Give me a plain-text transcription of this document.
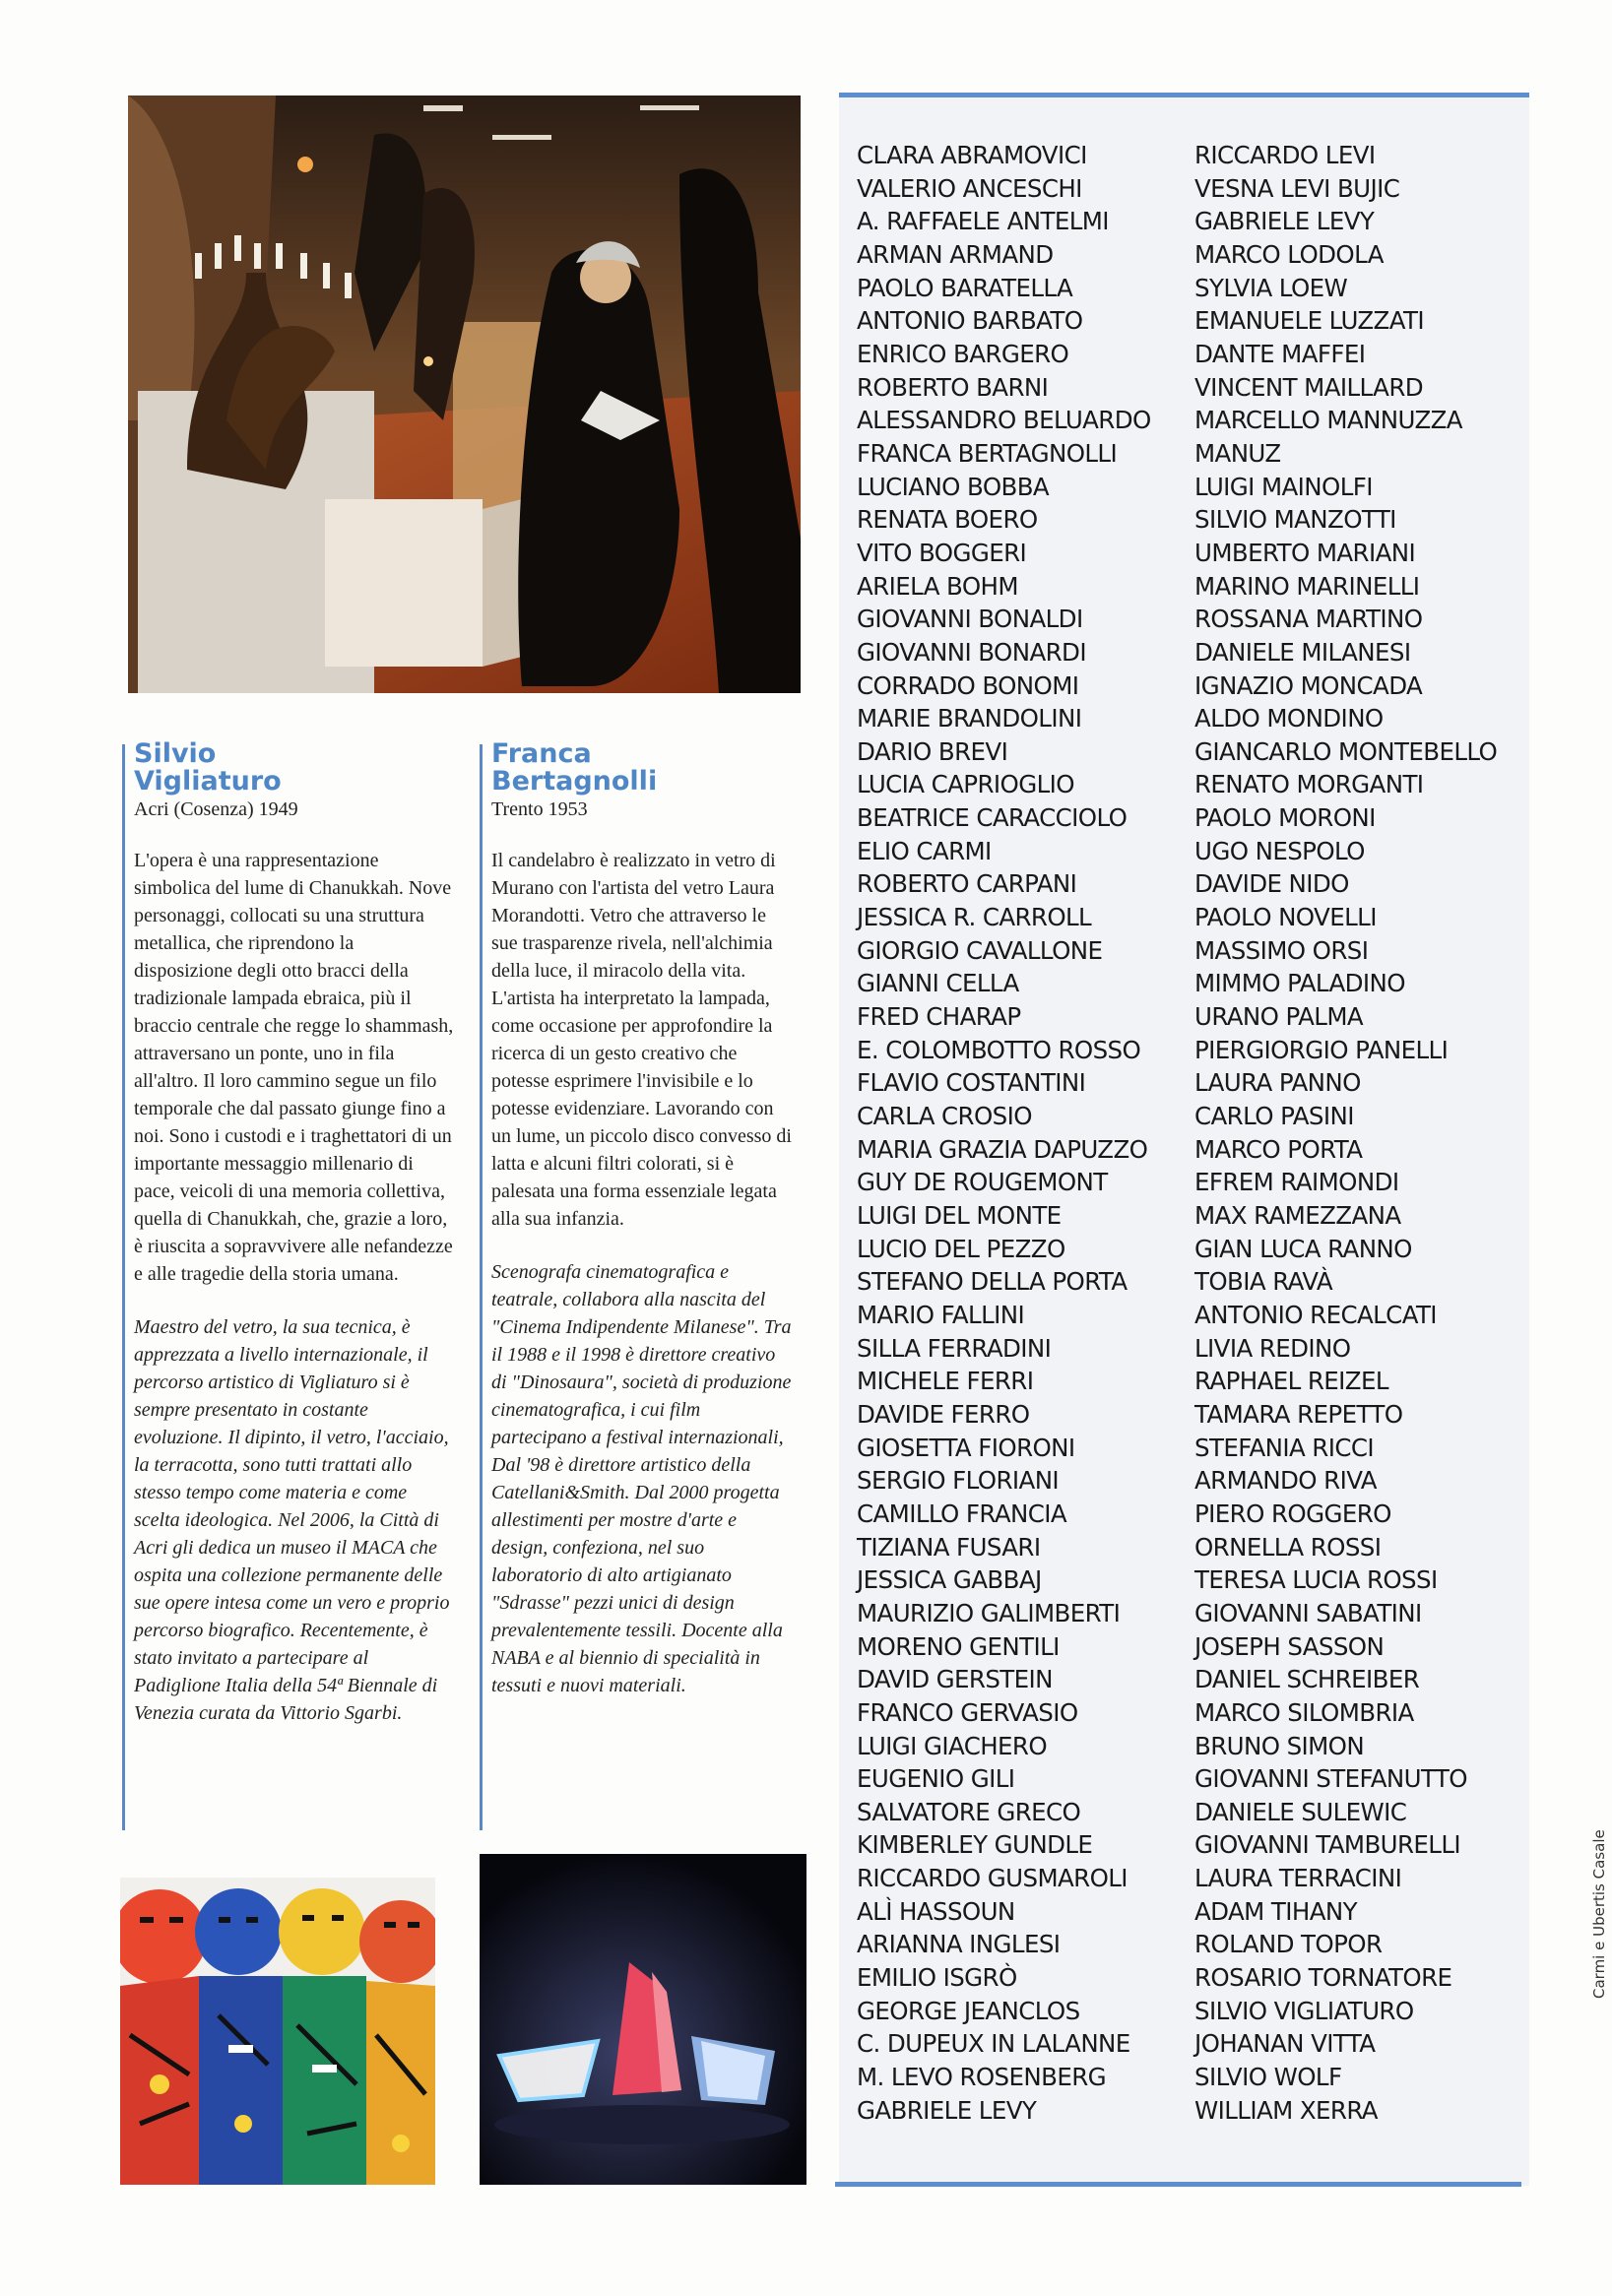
Silvio
Vigliaturo
Acri (Cosenza) 1949
L'opera è una rappresentazione simbolica del lume di Chanukkah. Nove personaggi, collocati su una struttura metallica, che riprendono la disposizione degli otto bracci della tradizionale lampada ebraica, più il braccio centrale che regge lo shammash, attraversano un ponte, uno in fila all'altro. Il loro cammino segue un filo temporale che dal passato giunge fino a noi. Sono i custodi e i traghettatori di un importante messaggio millenario di pace, veicoli di una memoria collettiva, quella di Chanukkah, che, grazie a loro, è riuscita a sopravvivere alle nefandezze e alle tragedie della storia umana.
Maestro del vetro, la sua tecnica, è apprezzata a livello internazionale, il percorso artistico di Vigliaturo si è sempre presentato in costante evoluzione. Il dipinto, il vetro, l'acciaio, la terracotta, sono tutti trattati allo stesso tempo come materia e come scelta ideologica. Nel 2006, la Città di Acri gli dedica un museo il MACA che ospita una collezione permanente delle sue opere intesa come un vero e proprio percorso biografico. Recentemente, è stato invitato a partecipare al Padiglione Italia della 54ª Biennale di Venezia curata da Vittorio Sgarbi.
Franca
Bertagnolli
Trento 1953
Il candelabro è realizzato in vetro di Murano con l'artista del vetro Laura Morandotti. Vetro che attraverso le sue trasparenze rivela, nell'alchimia della luce, il miracolo della vita. L'artista ha interpretato la lampada, come occasione per approfondire la ricerca di un gesto creativo che potesse esprimere l'invisibile e lo potesse evidenziare. Lavorando con un lume, un piccolo disco convesso di latta e alcuni filtri colorati, si è palesata una forma essenziale legata alla sua infanzia.
Scenografa cinematografica e teatrale, collabora alla nascita del "Cinema Indipendente Milanese". Tra il 1988 e il 1998 è direttore creativo di "Dinosaura", società di produzione cinematografica, i cui film partecipano a festival internazionali, Dal '98 è direttore artistico della Catellani&Smith. Dal 2000 progetta allestimenti per mostre d'arte e design, confeziona, nel suo laboratorio di alto artigianato "Sdrasse" pezzi unici di design prevalentemente tessili. Docente alla NABA e al biennio di specialità in tessuti e nuovi materiali.
CLARA ABRAMOVICI
VALERIO ANCESCHI
A. RAFFAELE ANTELMI
ARMAN ARMAND
PAOLO BARATELLA
ANTONIO BARBATO
ENRICO BARGERO
ROBERTO BARNI
ALESSANDRO BELUARDO
FRANCA BERTAGNOLLI
LUCIANO BOBBA
RENATA BOERO
VITO BOGGERI
ARIELA BOHM
GIOVANNI BONALDI
GIOVANNI BONARDI
CORRADO BONOMI
MARIE BRANDOLINI
DARIO BREVI
LUCIA CAPRIOGLIO
BEATRICE CARACCIOLO
ELIO CARMI
ROBERTO CARPANI
JESSICA R. CARROLL
GIORGIO CAVALLONE
GIANNI CELLA
FRED CHARAP
E. COLOMBOTTO ROSSO
FLAVIO COSTANTINI
CARLA CROSIO
MARIA GRAZIA DAPUZZO
GUY DE ROUGEMONT
LUIGI DEL MONTE
LUCIO DEL PEZZO
STEFANO DELLA PORTA
MARIO FALLINI
SILLA FERRADINI
MICHELE FERRI
DAVIDE FERRO
GIOSETTA FIORONI
SERGIO FLORIANI
CAMILLO FRANCIA
TIZIANA FUSARI
JESSICA GABBAJ
MAURIZIO GALIMBERTI
MORENO GENTILI
DAVID GERSTEIN
FRANCO GERVASIO
LUIGI GIACHERO
EUGENIO GILI
SALVATORE GRECO
KIMBERLEY GUNDLE
RICCARDO GUSMAROLI
ALÌ HASSOUN
ARIANNA INGLESI
EMILIO ISGRÒ
GEORGE JEANCLOS
C. DUPEUX IN LALANNE
M. LEVO ROSENBERG
GABRIELE LEVY
RICCARDO LEVI
VESNA LEVI BUJIC
GABRIELE LEVY
MARCO LODOLA
SYLVIA LOEW
EMANUELE LUZZATI
DANTE MAFFEI
VINCENT MAILLARD
MARCELLO MANNUZZA
MANUZ
LUIGI MAINOLFI
SILVIO MANZOTTI
UMBERTO MARIANI
MARINO MARINELLI
ROSSANA MARTINO
DANIELE MILANESI
IGNAZIO MONCADA
ALDO MONDINO
GIANCARLO MONTEBELLO
RENATO MORGANTI
PAOLO MORONI
UGO NESPOLO
DAVIDE NIDO
PAOLO NOVELLI
MASSIMO ORSI
MIMMO PALADINO
URANO PALMA
PIERGIORGIO PANELLI
LAURA PANNO
CARLO PASINI
MARCO PORTA
EFREM RAIMONDI
MAX RAMEZZANA
GIAN LUCA RANNO
TOBIA RAVÀ
ANTONIO RECALCATI
LIVIA REDINO
RAPHAEL REIZEL
TAMARA REPETTO
STEFANIA RICCI
ARMANDO RIVA
PIERO ROGGERO
ORNELLA ROSSI
TERESA LUCIA ROSSI
GIOVANNI SABATINI
JOSEPH SASSON
DANIEL SCHREIBER
MARCO SILOMBRIA
BRUNO SIMON
GIOVANNI STEFANUTTO
DANIELE SULEWIC
GIOVANNI TAMBURELLI
LAURA TERRACINI
ADAM TIHANY
ROLAND TOPOR
ROSARIO TORNATORE
SILVIO VIGLIATURO
JOHANAN VITTA
SILVIO WOLF
WILLIAM XERRA
Carmi e Ubertis Casale
